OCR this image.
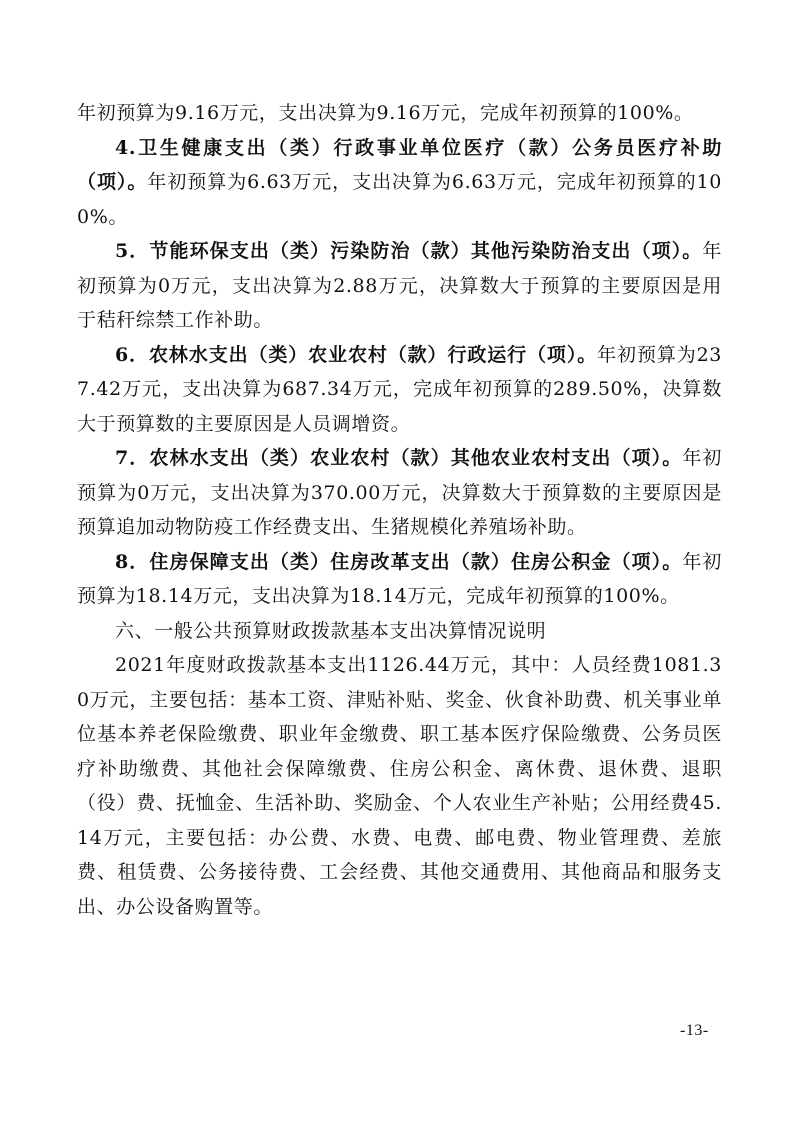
年初预算为9.16万元，支出决算为9.16万元，完成年初预算的100%。

4.卫生健康支出（类）行政事业单位医疗（款）公务员医疗补助（项）。年初预算为6.63万元，支出决算为6.63万元，完成年初预算的100%。

5．节能环保支出（类）污染防治（款）其他污染防治支出（项）。年初预算为0万元，支出决算为2.88万元，决算数大于预算的主要原因是用于秸秆综禁工作补助。

6．农林水支出（类）农业农村（款）行政运行（项）。年初预算为237.42万元，支出决算为687.34万元，完成年初预算的289.50%，决算数大于预算数的主要原因是人员调增资。

7．农林水支出（类）农业农村（款）其他农业农村支出（项）。年初预算为0万元，支出决算为370.00万元，决算数大于预算数的主要原因是预算追加动物防疫工作经费支出、生猪规模化养殖场补助。

8．住房保障支出（类）住房改革支出（款）住房公积金（项）。年初预算为18.14万元，支出决算为18.14万元，完成年初预算的100%。

六、一般公共预算财政拨款基本支出决算情况说明

2021年度财政拨款基本支出1126.44万元，其中：人员经费1081.30万元，主要包括：基本工资、津贴补贴、奖金、伙食补助费、机关事业单位基本养老保险缴费、职业年金缴费、职工基本医疗保险缴费、公务员医疗补助缴费、其他社会保障缴费、住房公积金、离休费、退休费、退职（役）费、抚恤金、生活补助、奖励金、个人农业生产补贴；公用经费45.14万元，主要包括：办公费、水费、电费、邮电费、物业管理费、差旅费、租赁费、公务接待费、工会经费、其他交通费用、其他商品和服务支出、办公设备购置等。

-13-
